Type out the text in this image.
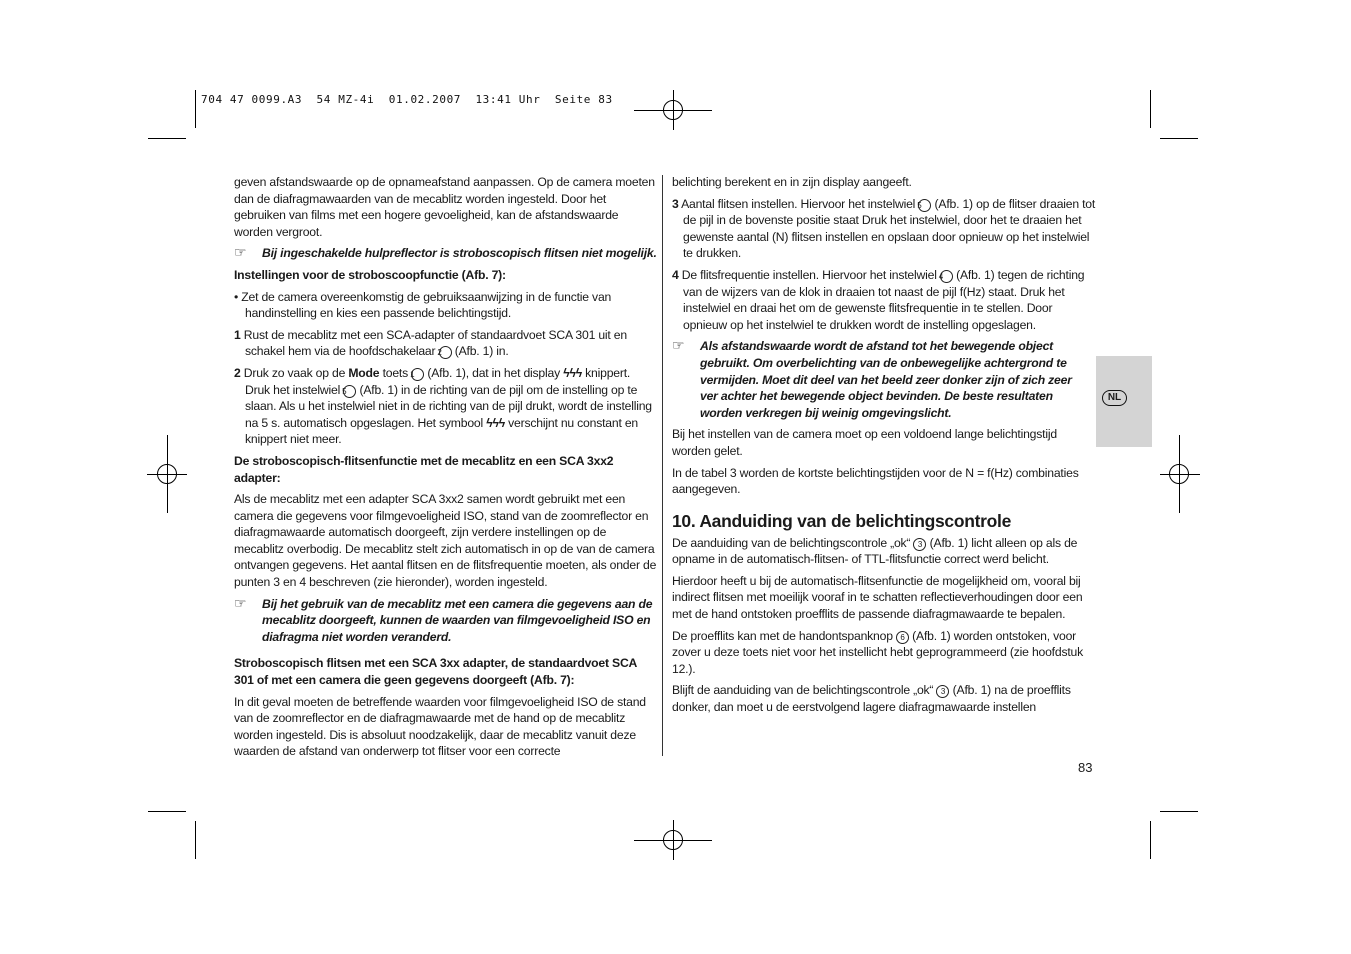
704 47 0099.A3  54 MZ-4i  01.02.2007  13:41 Uhr  Seite 83

geven afstandswaarde op de opnameafstand aanpassen. Op de camera moeten dan de diafragmawaarden van de mecablitz worden ingesteld. Door het gebruiken van films met een hogere gevoeligheid, kan de afstandswaarde worden vergroot.

☞ Bij ingeschakelde hulpreflector is stroboscopisch flitsen niet mogelijk.
Instellingen voor de stroboscoopfunctie (Afb. 7):
• Zet de camera overeenkomstig de gebruiksaanwijzing in de functie van handinstelling en kies een passende belichtingstijd.
1 Rust de mecablitz met een SCA-adapter of standaardvoet SCA 301 uit en schakel hem via de hoofdschakelaar 2 (Afb. 1) in.
2 Druk zo vaak op de Mode toets 1 (Afb. 1), dat in het display ϟϟϟ knippert. Druk het instelwiel 5 (Afb. 1) in de richting van de pijl om de instelling op te slaan. Als u het instelwiel niet in de richting van de pijl drukt, wordt de instelling na 5 s. automatisch opgeslagen. Het symbool ϟϟϟ verschijnt nu constant en knippert niet meer.
De stroboscopisch-flitsenfunctie met de mecablitz en een SCA 3xx2 adapter:

Als de mecablitz met een adapter SCA 3xx2 samen wordt gebruikt met een camera die gegevens voor filmgevoeligheid ISO, stand van de zoomreflector en diafragmawaarde automatisch doorgeeft, zijn verdere instellingen op de mecablitz overbodig. De mecablitz stelt zich automatisch in op de van de camera ontvangen gegevens. Het aantal flitsen en de flitsfrequentie moeten, als onder de punten 3 en 4 beschreven (zie hieronder), worden ingesteld.

☞ Bij het gebruik van de mecablitz met een camera die gegevens aan de mecablitz doorgeeft, kunnen de waarden van filmgevoeligheid ISO en diafragma niet worden veranderd.
Stroboscopisch flitsen met een SCA 3xx adapter, de standaardvoet SCA 301 of met een camera die geen gegevens doorgeeft (Afb. 7):

In dit geval moeten de betreffende waarden voor filmgevoeligheid ISO de stand van de zoomreflector en de diafragmawaarde met de hand op de mecablitz worden ingesteld. Dis is absoluut noodzakelijk, daar de mecablitz vanuit deze waarden de afstand van onderwerp tot flitser voor een correcte

belichting berekent en in zijn display aangeeft.

3 Aantal flitsen instellen. Hiervoor het instelwiel 5 (Afb. 1) op de flitser draaien tot de pijl in de bovenste positie staat Druk het instelwiel, door het te draaien het gewenste aantal (N) flitsen instellen en opslaan door opnieuw op het instelwiel te drukken.
4 De flitsfrequentie instellen. Hiervoor het instelwiel 4 (Afb. 1) tegen de richting van de wijzers van de klok in draaien tot naast de pijl f(Hz) staat. Druk het instelwiel en draai het om de gewenste flitsfrequentie in te stellen. Door opnieuw op het instelwiel te drukken wordt de instelling opgeslagen.
☞ Als afstandswaarde wordt de afstand tot het bewegende object gebruikt. Om overbelichting van de onbewegelijke achtergrond te vermijden. Moet dit deel van het beeld zeer donker zijn of zich zeer ver achter het bewegende object bevinden. De beste resultaten worden verkregen bij weinig omgevingslicht.

Bij het instellen van de camera moet op een voldoend lange belichtingstijd worden gelet.

In de tabel 3 worden de kortste belichtingstijden voor de N = f(Hz) combinaties aangegeven.

10. Aanduiding van de belichtingscontrole

De aanduiding van de belichtingscontrole „ok“ 3 (Afb. 1) licht alleen op als de opname in de automatisch-flitsen- of TTL-flitsfunctie correct werd belicht.

Hierdoor heeft u bij de automatisch-flitsenfunctie de mogelijkheid om, vooral bij indirect flitsen met moeilijk vooraf in te schatten reflectieverhoudingen door een met de hand ontstoken proefflits de passende diafragmawaarde te bepalen.

De proefflits kan met de handontspanknop 6 (Afb. 1) worden ontstoken, voor zover u deze toets niet voor het instellicht hebt geprogrammeerd (zie hoofdstuk 12.).

Blijft de aanduiding van de belichtingscontrole „ok“ 3 (Afb. 1) na de proefflits donker, dan moet u de eerstvolgend lagere diafragmawaarde instellen

NL
83
